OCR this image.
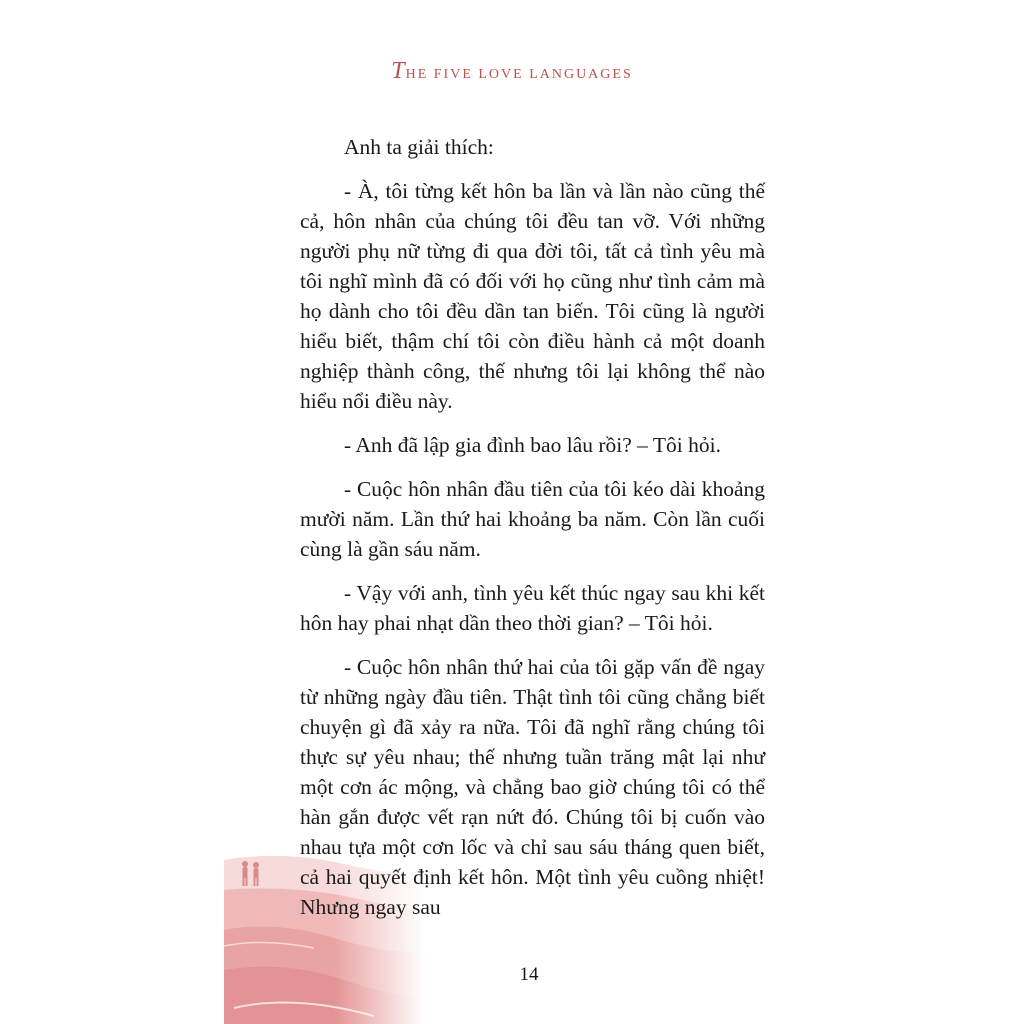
THE FIVE LOVE LANGUAGES

Anh ta giải thích:

- À, tôi từng kết hôn ba lần và lần nào cũng thế cả, hôn nhân của chúng tôi đều tan vỡ. Với những người phụ nữ từng đi qua đời tôi, tất cả tình yêu mà tôi nghĩ mình đã có đối với họ cũng như tình cảm mà họ dành cho tôi đều dần tan biến. Tôi cũng là người hiểu biết, thậm chí tôi còn điều hành cả một doanh nghiệp thành công, thế nhưng tôi lại không thể nào hiểu nổi điều này.

- Anh đã lập gia đình bao lâu rồi? – Tôi hỏi.

- Cuộc hôn nhân đầu tiên của tôi kéo dài khoảng mười năm. Lần thứ hai khoảng ba năm. Còn lần cuối cùng là gần sáu năm.

- Vậy với anh, tình yêu kết thúc ngay sau khi kết hôn hay phai nhạt dần theo thời gian? – Tôi hỏi.

- Cuộc hôn nhân thứ hai của tôi gặp vấn đề ngay từ những ngày đầu tiên. Thật tình tôi cũng chẳng biết chuyện gì đã xảy ra nữa. Tôi đã nghĩ rằng chúng tôi thực sự yêu nhau; thế nhưng tuần trăng mật lại như một cơn ác mộng, và chẳng bao giờ chúng tôi có thể hàn gắn được vết rạn nứt đó. Chúng tôi bị cuốn vào nhau tựa một cơn lốc và chỉ sau sáu tháng quen biết, cả hai quyết định kết hôn. Một tình yêu cuồng nhiệt! Nhưng ngay sau

14
